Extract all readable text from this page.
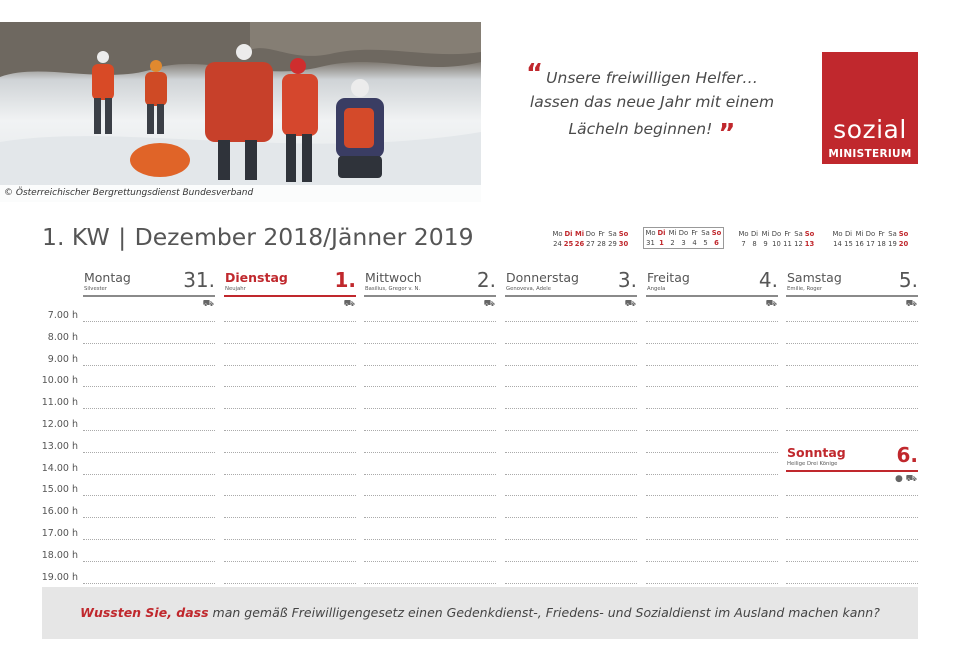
© Österreichischer Bergrettungsdienst Bundesverband
“ Unsere freiwilligen Helfer…
lassen das neue Jahr mit einem
Lächeln beginnen! ”	sozial
MINISTERIUM
1. KW | Dezember 2018/Jänner 2019	Mo Di Mi Do Fr Sa So
24 25 26 27 28 29 30
Mo Di Mi Do Fr Sa So
31 1 2 3 4 5 6
Mo Di Mi Do Fr Sa So
7 8 9 10 11 12 13
Mo Di Mi Do Fr Sa So
14 15 16 17 18 19 20
Montag	31.
Silvester
⛟
Dienstag 1.
Neujahr
⛟
Mittwoch	2.
Basilius, Gregor v. N.
⛟
Donnerstag 3.
Genoveva, Adele
⛟
Freitag	4.
Angela
⛟
Samstag	5.
Emilie, Roger
⛟
Sonntag	6.
Heilige Drei Könige
● ⛟
7.00 h
8.00 h
9.00 h
10.00 h
11.00 h
12.00 h
13.00 h
14.00 h
15.00 h
16.00 h
17.00 h
18.00 h
19.00 h
Wussten Sie, dass man gemäß Freiwilligengesetz einen Gedenkdienst-, Friedens- und Sozialdienst im Ausland machen kann?
